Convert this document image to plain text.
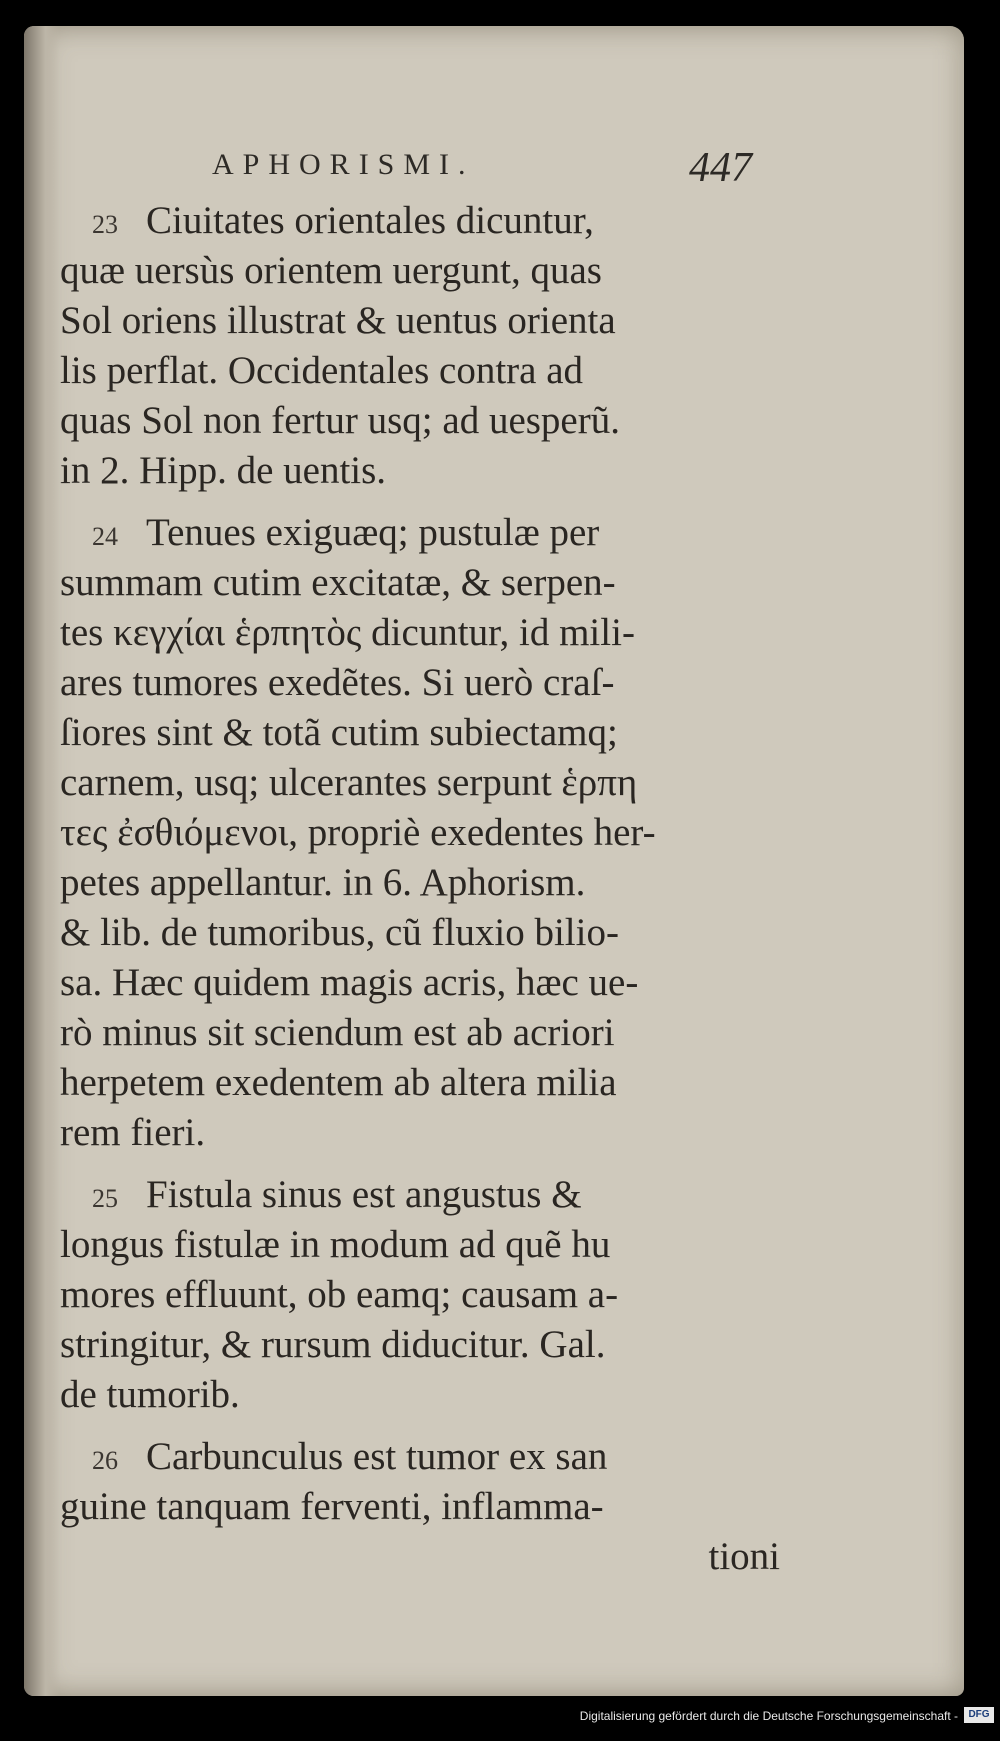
APHORISMI.	447
23 Ciuitates orientales dicuntur,
quæ uersùs orientem uergunt, quas
Sol oriens illustrat & uentus orienta
lis perflat. Occidentales contra ad
quas Sol non fertur usq; ad uesperũ.
in 2. Hipp. de uentis.
24 Tenues exiguæq; pustulæ per
summam cutim excitatæ, & serpen-
tes κεγχίαι ἑρπητὸς dicuntur, id mili-
ares tumores exedẽtes. Si uerò craſ-
ſiores sint & totã cutim subiectamq;
carnem, usq; ulcerantes serpunt ἑρπη
τες ἐσθιόμενοι, propriè exedentes her-
petes appellantur. in 6. Aphorism.
& lib. de tumoribus, cũ fluxio bilio-
sa. Hæc quidem magis acris, hæc ue-
rò minus sit sciendum est ab acriori
herpetem exedentem ab altera milia
rem fieri.
25 Fistula sinus est angustus &
longus fistulæ in modum ad quẽ hu
mores effluunt, ob eamq; causam a-
stringitur, & rursum diducitur. Gal.
de tumorib.
26 Carbunculus est tumor ex san
guine tanquam ferventi, inflamma-
tioni
Digitalisierung gefördert durch die Deutsche Forschungsgemeinschaft -	DFG
